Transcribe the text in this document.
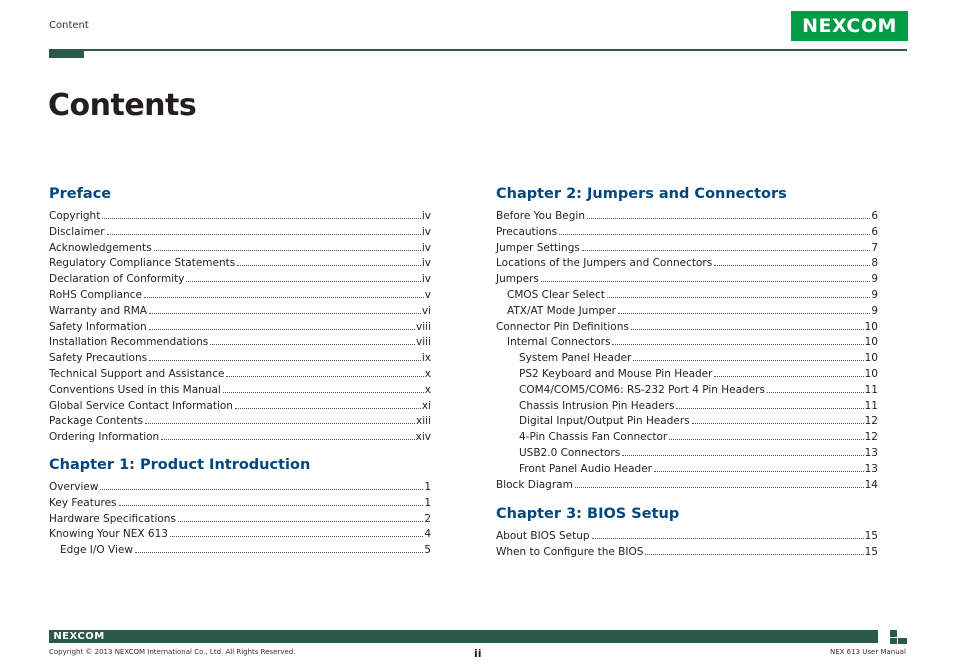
Content	NEXCOM
Contents
Preface
Copyright	iv
Disclaimer	iv
Acknowledgements	iv
Regulatory Compliance Statements	iv
Declaration of Conformity	iv
RoHS Compliance	v
Warranty and RMA	vi
Safety Information	viii
Installation Recommendations	viii
Safety Precautions	ix
Technical Support and Assistance	x
Conventions Used in this Manual	x
Global Service Contact Information	xi
Package Contents	xiii
Ordering Information	xiv
Chapter 1: Product Introduction
Overview	1
Key Features	1
Hardware Specifications	2
Knowing Your NEX 613	4
Edge I/O View	5
Chapter 2: Jumpers and Connectors
Before You Begin	6
Precautions	6
Jumper Settings	7
Locations of the Jumpers and Connectors	8
Jumpers	9
CMOS Clear Select	9
ATX/AT Mode Jumper	9
Connector Pin Definitions	10
Internal Connectors	10
System Panel Header	10
PS2 Keyboard and Mouse Pin Header	10
COM4/COM5/COM6: RS-232 Port 4 Pin Headers	11
Chassis Intrusion Pin Headers	11
Digital Input/Output Pin Headers	12
4-Pin Chassis Fan Connector	12
USB2.0 Connectors	13
Front Panel Audio Header	13
Block Diagram	14
Chapter 3: BIOS Setup
About BIOS Setup	15
When to Configure the BIOS	15
NEXCOM
Copyright © 2013 NEXCOM International Co., Ltd. All Rights Reserved.	ii	NEX 613 User Manual
